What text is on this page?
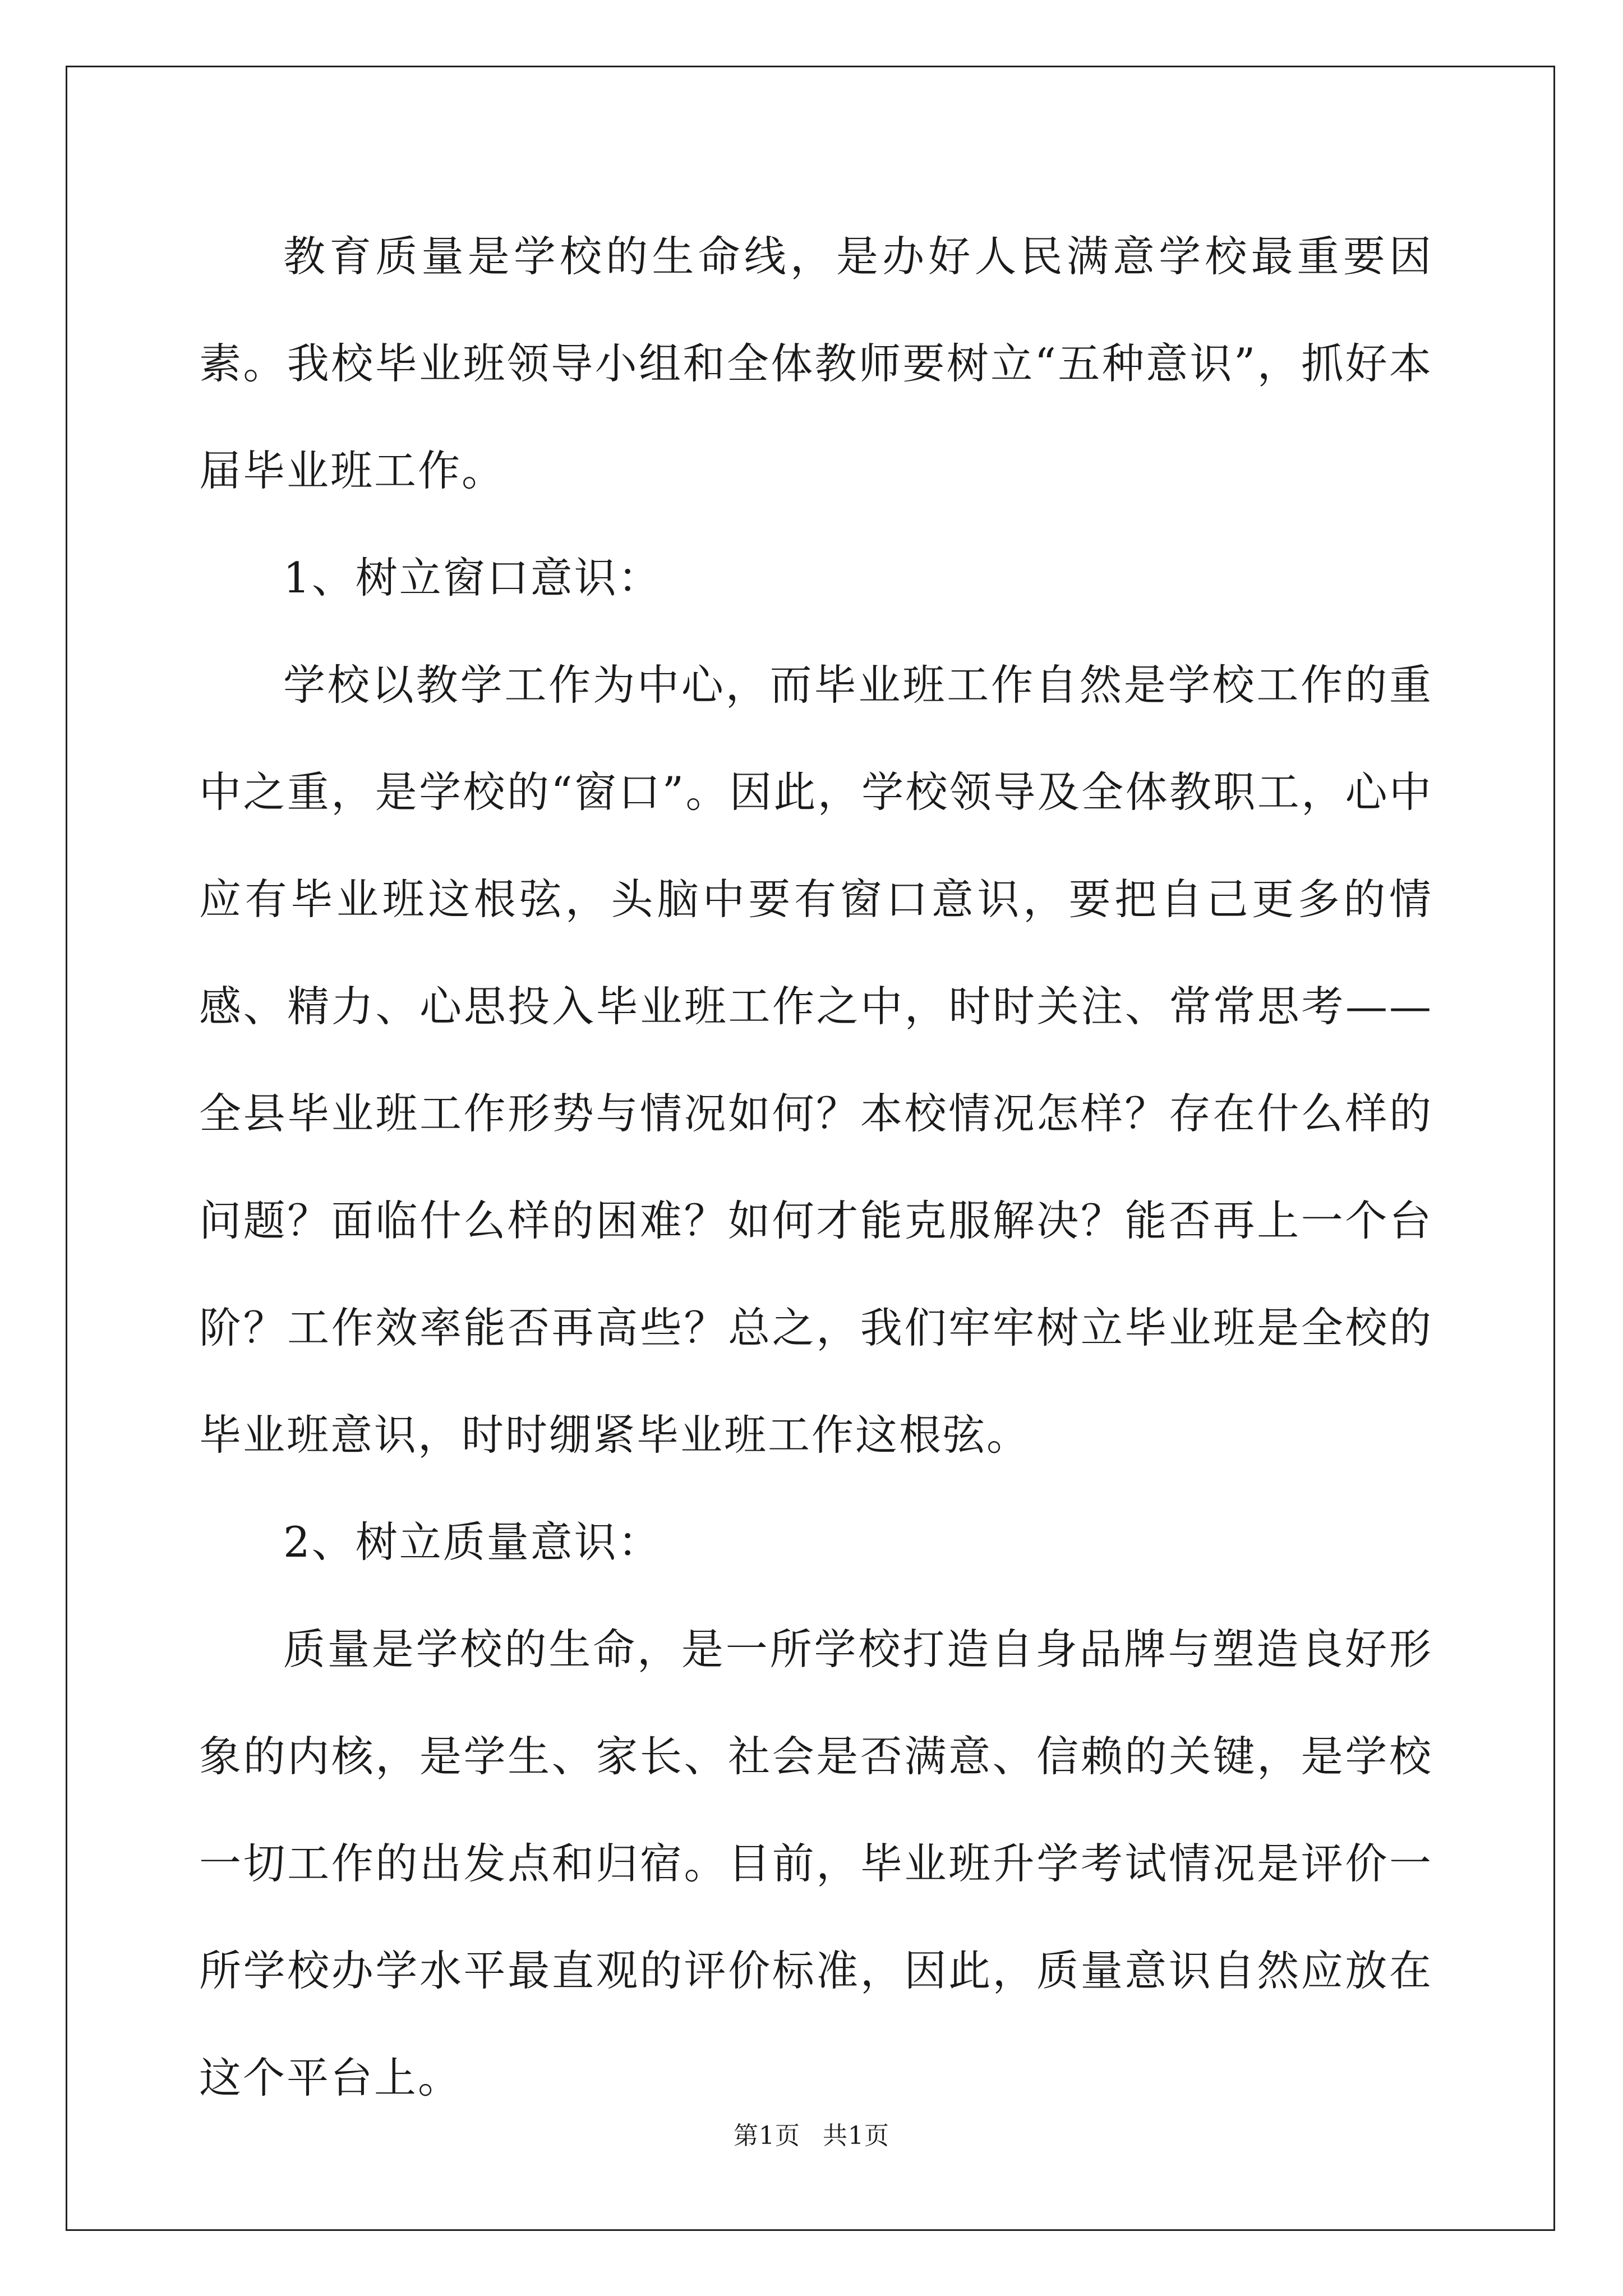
教育质量是学校的生命线，是办好人民满意学校最重要因素。我校毕业班领导小组和全体教师要树立“五种意识”，抓好本届毕业班工作。

1、树立窗口意识：

学校以教学工作为中心，而毕业班工作自然是学校工作的重中之重，是学校的“窗口”。因此，学校领导及全体教职工，心中应有毕业班这根弦，头脑中要有窗口意识，要把自己更多的情感、精力、心思投入毕业班工作之中，时时关注、常常思考——全县毕业班工作形势与情况如何？本校情况怎样？存在什么样的问题？面临什么样的困难？如何才能克服解决？能否再上一个台阶？工作效率能否再高些？总之，我们牢牢树立毕业班是全校的毕业班意识，时时绷紧毕业班工作这根弦。

2、树立质量意识：

质量是学校的生命，是一所学校打造自身品牌与塑造良好形象的内核，是学生、家长、社会是否满意、信赖的关键，是学校一切工作的出发点和归宿。目前，毕业班升学考试情况是评价一所学校办学水平最直观的评价标准，因此，质量意识自然应放在这个平台上。

第1页 共1页
